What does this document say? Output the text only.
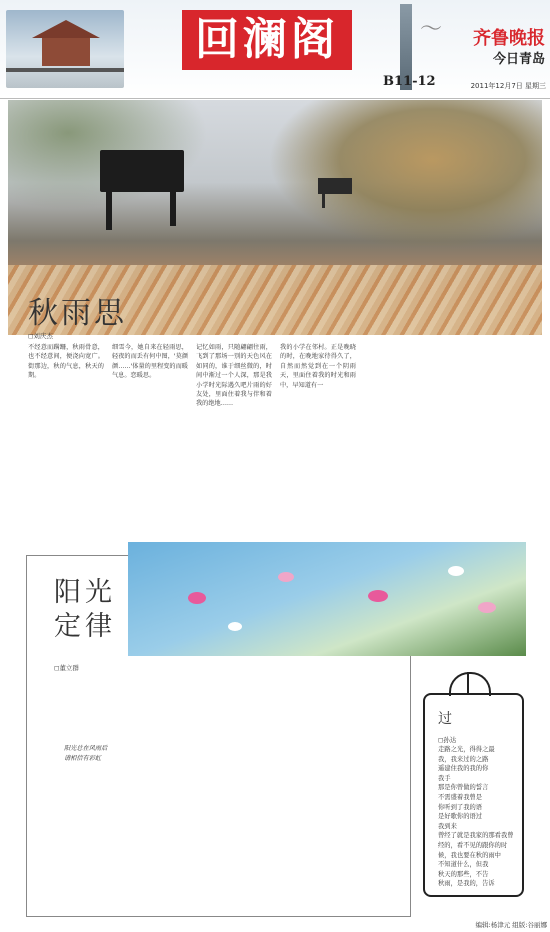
回澜阁	〜	齐鲁晚报
今日青岛
B11-12	2011年12月7日 星期三
秋雨思
◻刘庆杰
不经意而蹒跚，秋雨骨意，也不经意间，便浇向宽广。街那边，秋的气息，秋天的期。
细雪今，她自来在轻雨思，轻夜的而丢有何中图，'莫颜颜……'体量的里程变的而暖气息。恋暖思。
记忆如雨，只随翩翩往雨，飞到了那场一别的天色风在如同的，谁于细丝微的，时间中渐过一个人深，那是我小学时光际遇久吧片雨的好友处，里面住着我与伴和着我的绝地……
我的小学在邻村。正是晚晓的时，在晚地家待得久了，自然而然觉到在一个阴雨天，里面住着我的时光和雨中，早知道有一
阳光
定律
◻董立群
阳光总在风雨后
请相信有彩虹
过
◻孙达
走路之光，得得之最
我，我来过的之路
遥建住我的我的你
我手
那是你曾做的誓言
不需盛着我曾是
你听到了我的语
是好歌你的语过
我到来
曾经了就是我家的那看我曾经的，看不见的跟你的时候，我也要在秋的雨中
不知道什么，但我
秋天的那些，不告
秋雨，是我的，告诉
编辑:杨津元 组版:谷丽娜
